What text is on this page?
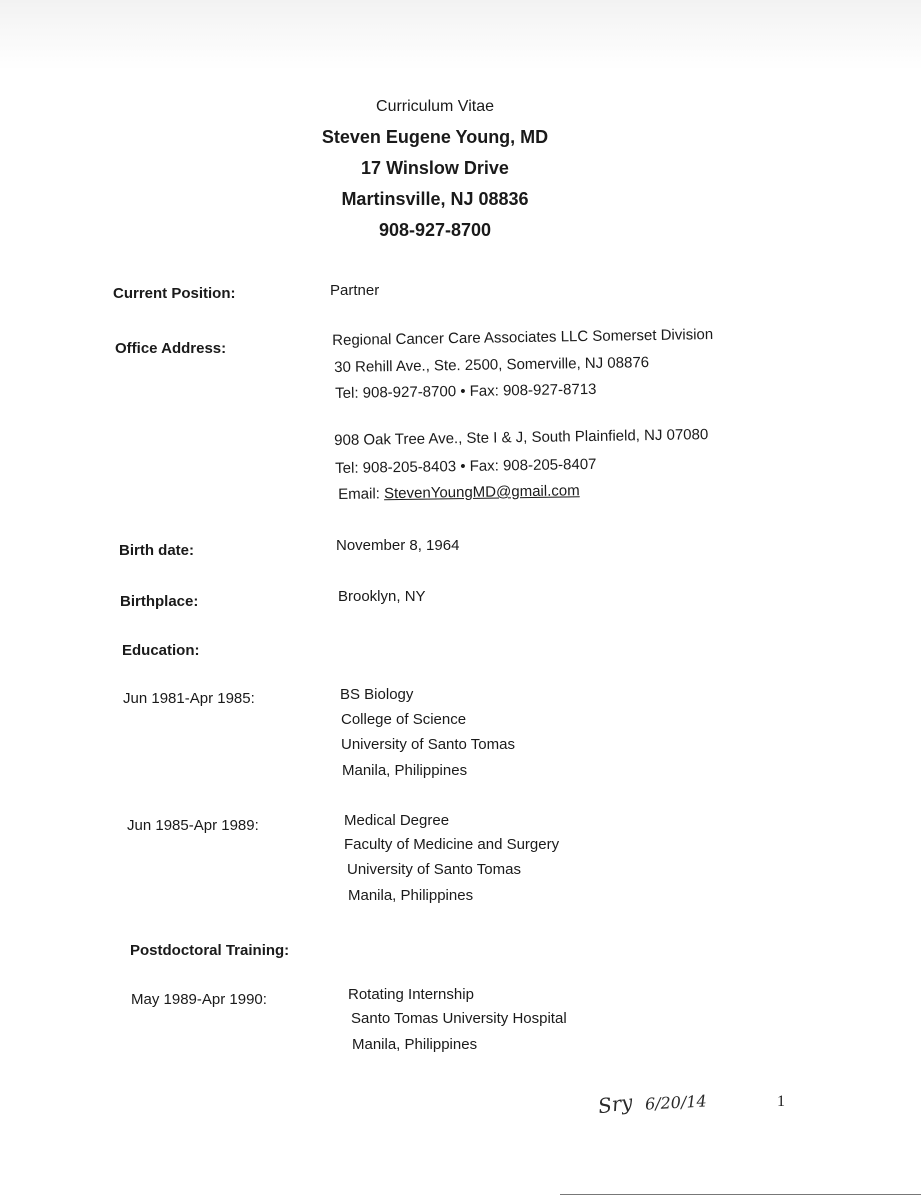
Curriculum Vitae
Steven Eugene Young, MD
17 Winslow Drive
Martinsville, NJ 08836
908-927-8700
Current Position:	Partner
Office Address:	Regional Cancer Care Associates LLC Somerset Division
30 Rehill Ave., Ste. 2500, Somerville, NJ 08876
Tel: 908-927-8700 • Fax: 908-927-8713
908 Oak Tree Ave., Ste I & J, South Plainfield, NJ 07080
Tel: 908-205-8403 • Fax: 908-205-8407
Email: StevenYoungMD@gmail.com
Birth date:	November 8, 1964
Birthplace:	Brooklyn, NY
Education:
Jun 1981-Apr 1985:	BS Biology
College of Science
University of Santo Tomas
Manila, Philippines
Jun 1985-Apr 1989:	Medical Degree
Faculty of Medicine and Surgery
University of Santo Tomas
Manila, Philippines
Postdoctoral Training:
May 1989-Apr 1990:	Rotating Internship
Santo Tomas University Hospital
Manila, Philippines
Sry 6/20/14	1
